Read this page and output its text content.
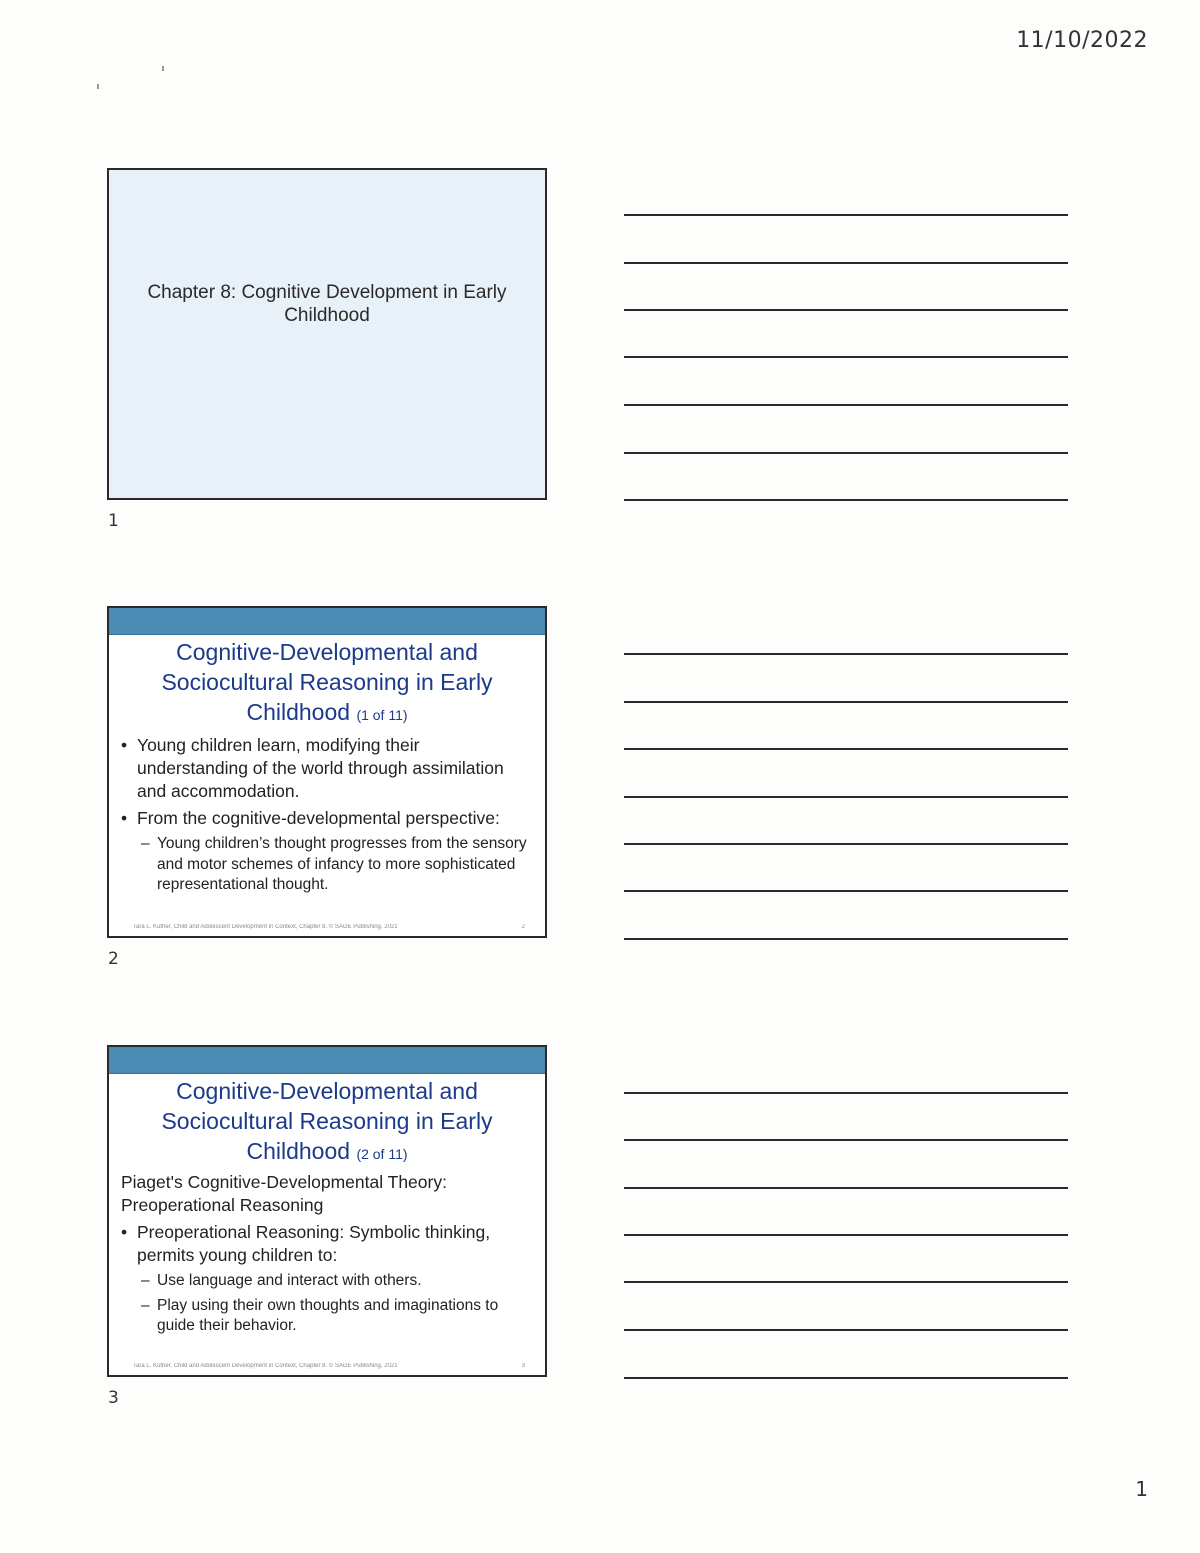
11/10/2022
Chapter 8: Cognitive Development in Early Childhood
1
Cognitive-Developmental and Sociocultural Reasoning in Early Childhood (1 of 11)
• Young children learn, modifying their understanding of the world through assimilation and accommodation.
• From the cognitive-developmental perspective:
– Young children’s thought progresses from the sensory and motor schemes of infancy to more sophisticated representational thought.
Tara L. Kuther, Child and Adolescent Development in Context, Chapter 8. © SAGE Publishing, 2021	2
2
Cognitive-Developmental and Sociocultural Reasoning in Early Childhood (2 of 11)
Piaget's Cognitive-Developmental Theory: Preoperational Reasoning
• Preoperational Reasoning: Symbolic thinking, permits young children to:
– Use language and interact with others.
– Play using their own thoughts and imaginations to guide their behavior.
Tara L. Kuther, Child and Adolescent Development in Context, Chapter 8. © SAGE Publishing, 2021	3
3
1
